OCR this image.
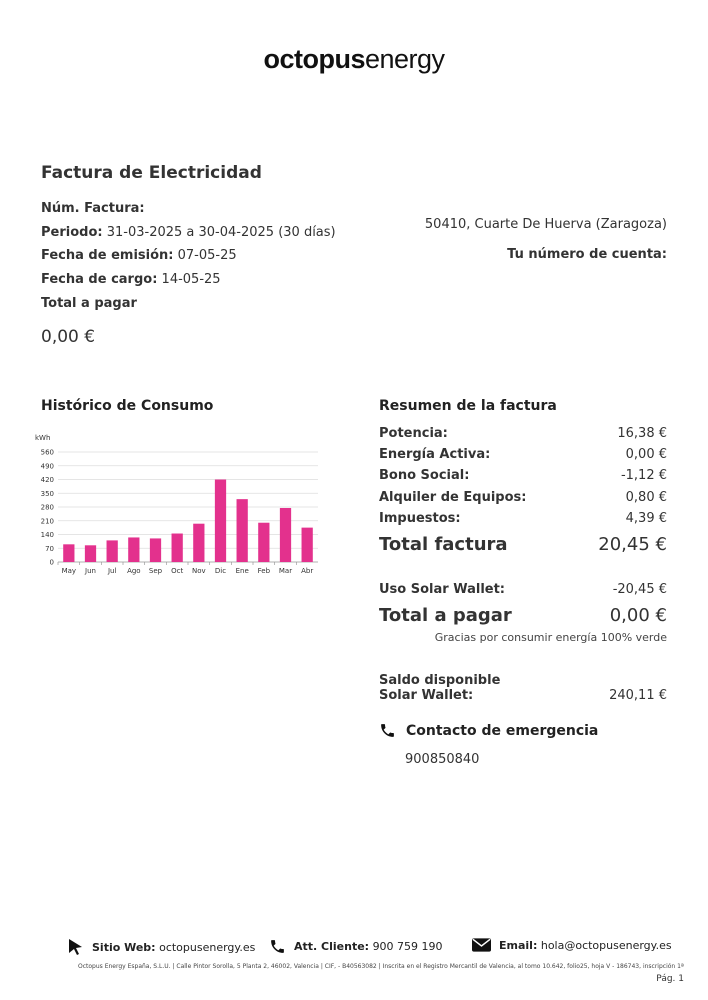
octopusenergy
Factura de Electricidad
Núm. Factura:
Periodo: 31-03-2025 a 30-04-2025 (30 días)
Fecha de emisión: 07-05-25
Fecha de cargo: 14-05-25
Total a pagar
0,00 €
50410, Cuarte De Huerva (Zaragoza)
Tu número de cuenta:
Histórico de Consumo
kWh
May Jun Jul Ago Sep Oct Nov Dic Ene Feb Mar Abr
0
70
140
210
280
350
420
490
560
Resumen de la factura
Potencia:	16,38 €
Energía Activa:	0,00 €
Bono Social:	-1,12 €
Alquiler de Equipos:	0,80 €
Impuestos:	4,39 €
Total factura	20,45 €
Uso Solar Wallet:	-20,45 €
Total a pagar	0,00 €
Gracias por consumir energía 100% verde
Saldo disponible
Solar Wallet:	240,11 €
Contacto de emergencia
900850840
Sitio Web: octopusenergy.es	Att. Cliente: 900 759 190	Email: hola@octopusenergy.es
Octopus Energy España, S.L.U. | Calle Pintor Sorolla, 5 Planta 2, 46002, Valencia | CIF, - B40563082 | Inscrita en el Registro Mercantil de Valencia, al tomo 10.642, folio25, hoja V - 186743, inscripción 1ª
Pág. 1
